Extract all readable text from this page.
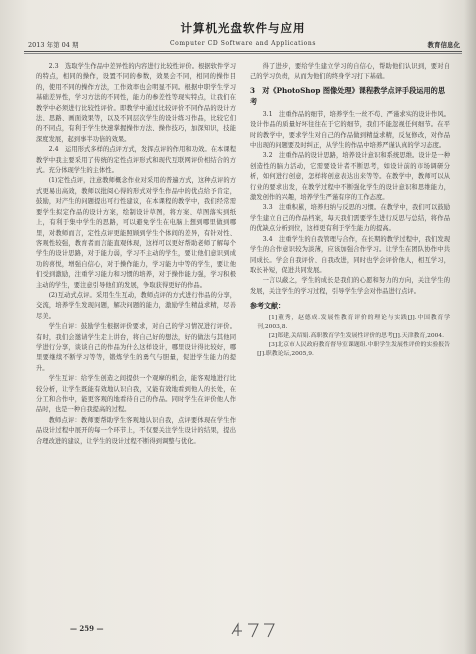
计算机光盘软件与应用
2013 年第 04 期	Computer CD Software and Applications	教育信息化

2.3　选取学生作品中差异性的内容进行比较性评价。根据软件学习的特点，相同的操作，设置不同的参数，效果会不同，相同的操作目的，使用不同的操作方法，工作效率也会明显不同。根据中职学生学习基础差异性，学习方法的不同性，能力的参差性等现实特点，让我们在教学中必须进行比较性评价。即教学中通过比较评价不同作品的设计方法、思路、画面效果等，以及不同层次学生的设计练习作品，比较它们的不同点，有利于学生快速掌握操作方法、操作技巧，加深知识，技能深度发展，起到事半功倍的效果。

2.4　运用形式多样的点评方式，发挥点评的作用和功效。在本课程教学中我主要采用了传统的定性点评形式和现代互联网评价相结合的方式。充分体现学生的主体性。

(1)定性点评，注意教师概念作业对采用的普遍方式，这种点评的方式更易出高效，教师以批阅心得的形式对学生作品中的优点给予肯定，鼓励，对产生的问题提出可行性建议，在本课程的教学中，我们经常需要学生拟定作品的设计方案，绘制设计草图，将方案、草图落实到纸上，有利于集中学生的思路，可以避免学生在电脑上想到哪里做到哪里，对教师而言，定性点评更能照顾到学生个体间的差异，有针对性、客观性较强，教育者而言能直观体现，这样可以更好帮助老师了解每个学生的设计思路，对于能力弱，学习不主动的学生，要让他们意识到成功的喜悦，增强自信心，对于操作能力，学习能力中等的学生，要让他们受到激励，注重学习能力和习惯的培养，对于操作能力强，学习积极主动的学生，要注意引导他们的发展，争取获得更好的作品。

(2)互动式点评。采用生生互动，教师点评的方式进行作品的分享，交流，培养学生发现问题，解决问题的能力，激励学生精益求精，尽善尽美。

学生自评：鼓励学生根据评价要求，对自己的学习情况进行评价。有时，我们会邀请学生走上讲台，将自己好的想法，好的做法与其他同学进行分享，谈谈自己的作品为什么这样设计，哪里设计得比较好，哪里要继续不断学习等等，锻炼学生的勇气与胆量，促进学生能力的提升。

学生互评：给学生创造之间提供一个观摩的机会，能客观地进行比较分析，让学生既能有效地认识自我，又能有效地看到他人的长处，在分工和合作中，能更客观的地看待自己的作品。同时学生在评价他人作品时，也是一种自我提高的过程。

教师点评：教师要帮助学生客观地认识自我，点评要体现在学生作品设计过程中展开的每一个环节上，不仅要关注学生设计的结果，提出合理改进的建议，让学生的设计过程不断得到调整与优化。

得了进步，要给学生建立学习的自信心，帮助他们认识到，要对自己的学习负责，从而为他们的终身学习打下基础。

3　对《PhotoShop 图像处理》课程教学点评手段运用的思考

3.1　注重作品的细节，培养学生一丝不苟、严谨求实的设计作风。设计作品的质量好坏往往在于它的细节，我们不能忽视任何细节。在平时的教学中，要求学生对自己的作品做到精益求精，反复修改，对作品中出现的问题要及时纠正，从学生的作品中培养严谨认真的学习态度。

3.2　注重作品的设计思路，培养设计意识和系统思维。设计是一种创造性的脑力活动，它需要设计者不断思考，如设计前的市场调研分析，如何进行创意，怎样将创意表达出来等等。在教学中，教师可以从行业的要求出发，在教学过程中不断强化学生的设计意识和思维能力，激发创作的兴趣，培养学生严谨有序的工作态度。

3.3　注重积累，培养归纳与反思的习惯。在教学中，我们可以鼓励学生建立自己的作品档案，每天我们需要学生进行反思与总结，将作品的优缺点分析到位，这样更有利于学生能力的提高。

3.4　注重学生的自我管理与合作，在长期的教学过程中，我们发现学生的合作意识较为淡薄，应该加强合作学习。让学生在团队协作中共同成长。学会自我评价、自我改进，同时也学会评价他人，相互学习，取长补短，促进共同发展。

一言以蔽之，学生的成长是我们的心愿和努力的方向，关注学生的发展，关注学生的学习过程，引导学生学会对作品进行点评。

参考文献：

[1]董秀，赵德成.发展性教育评价的理论与实践[J].中国教育学刊,2003,8.

[2]郑建,关绍娟.高职教育学生发展性评价的思考[J].天津教育,2004.

[3]北京市人民政府教育督导室课题组.中职学生发展性评价的实验报告[J].职教论坛,2005,9.

— 259 —
